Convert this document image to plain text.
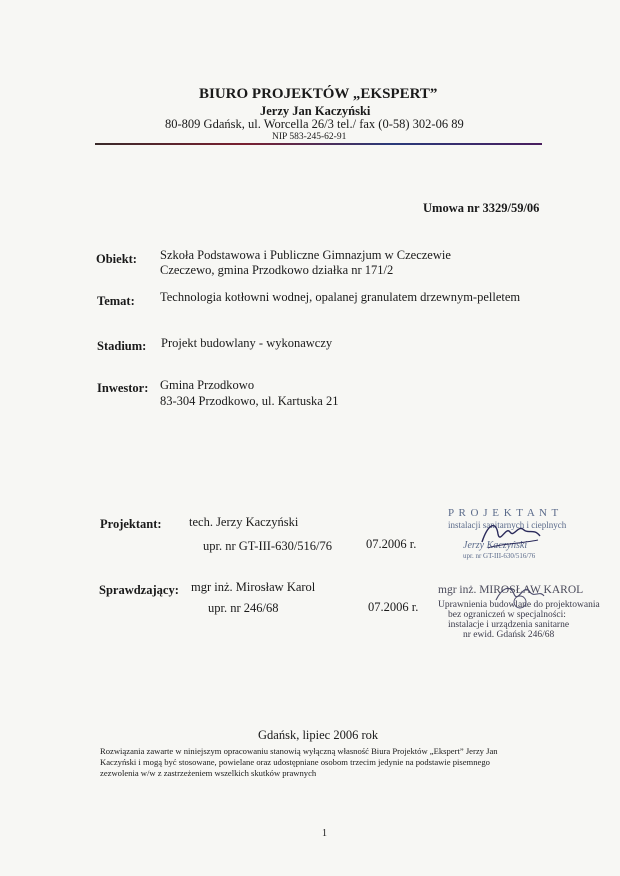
BIURO PROJEKTÓW „EKSPERT”
Jerzy Jan Kaczyński
80-809 Gdańsk, ul. Worcella 26/3 tel./ fax (0-58) 302-06 89
NIP 583-245-62-91
Umowa nr 3329/59/06
Obiekt: Szkoła Podstawowa i Publiczne Gimnazjum w Czeczewie
Czeczewo, gmina Przodkowo działka nr 171/2
Temat: Technologia kotłowni wodnej, opalanej granulatem drzewnym-pelletem
Stadium: Projekt budowlany - wykonawczy
Inwestor: Gmina Przodkowo
83-304 Przodkowo, ul. Kartuska 21
Projektant: tech. Jerzy Kaczyński
upr. nr GT-III-630/516/76	07.2006 r.
P R O J E K T A N T
instalacji sanitarnych i cieplnych
Jerzy Kaczyński
upr. nr GT-III-630/516/76
Sprawdzający: mgr inż. Mirosław Karol
upr. nr 246/68	07.2006 r.
mgr inż. MIROSŁAW KAROL
Uprawnienia budowlane do projektowania
bez ograniczeń w specjalności:
instalacje i urządzenia sanitarne
nr ewid. Gdańsk 246/68
Gdańsk, lipiec 2006 rok
Rozwiązania zawarte w niniejszym opracowaniu stanowią wyłączną własność Biura Projektów „Ekspert” Jerzy Jan
Kaczyński i mogą być stosowane, powielane oraz udostępniane osobom trzecim jedynie na podstawie pisemnego
zezwolenia w/w z zastrzeżeniem wszelkich skutków prawnych
1
